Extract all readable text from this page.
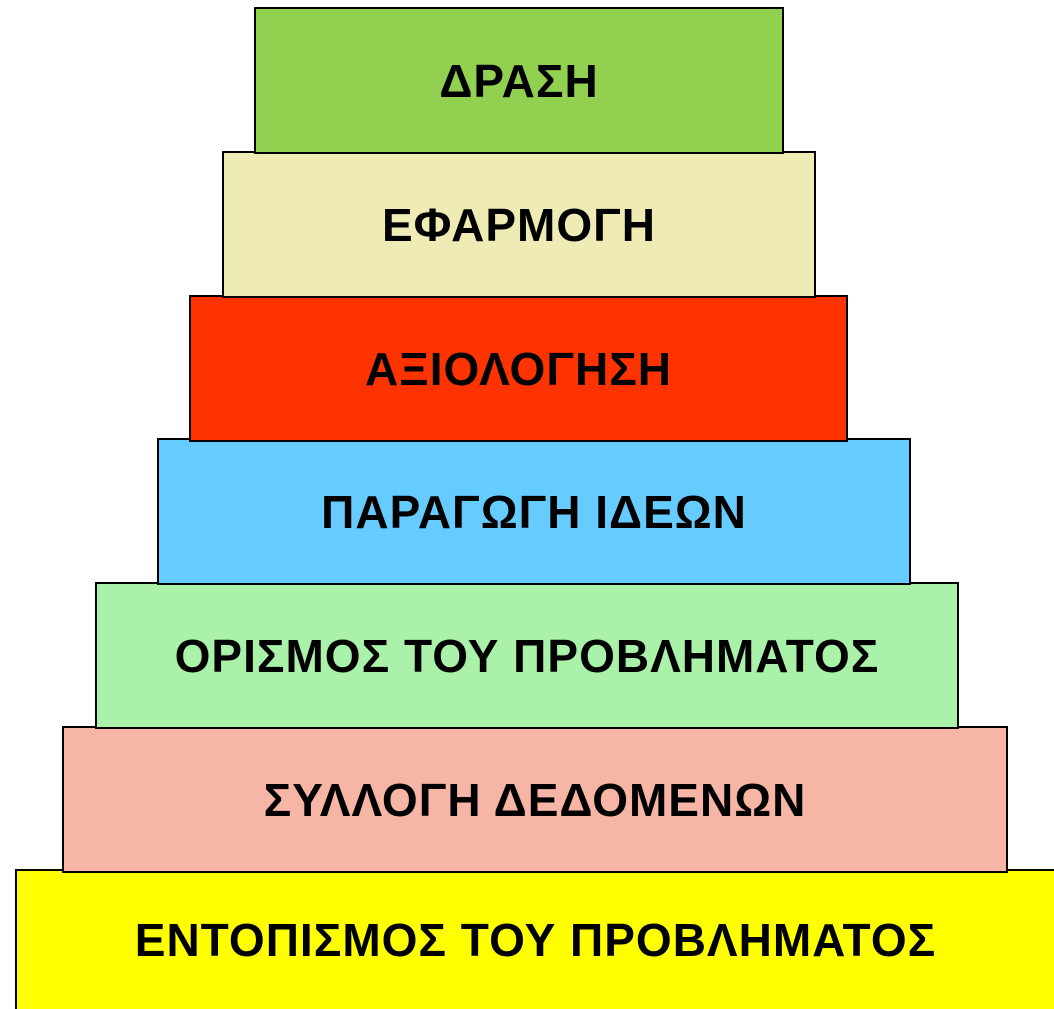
ΕΝΤΟΠΙΣΜΟΣ ΤΟΥ ΠΡΟΒΛΗΜΑΤΟΣ
ΣΥΛΛΟΓΗ ΔΕΔΟΜΕΝΩΝ
ΟΡΙΣΜΟΣ ΤΟΥ ΠΡΟΒΛΗΜΑΤΟΣ
ΠΑΡΑΓΩΓΗ ΙΔΕΩΝ
ΑΞΙΟΛΟΓΗΣΗ
ΕΦΑΡΜΟΓΗ
ΔΡΑΣΗ
